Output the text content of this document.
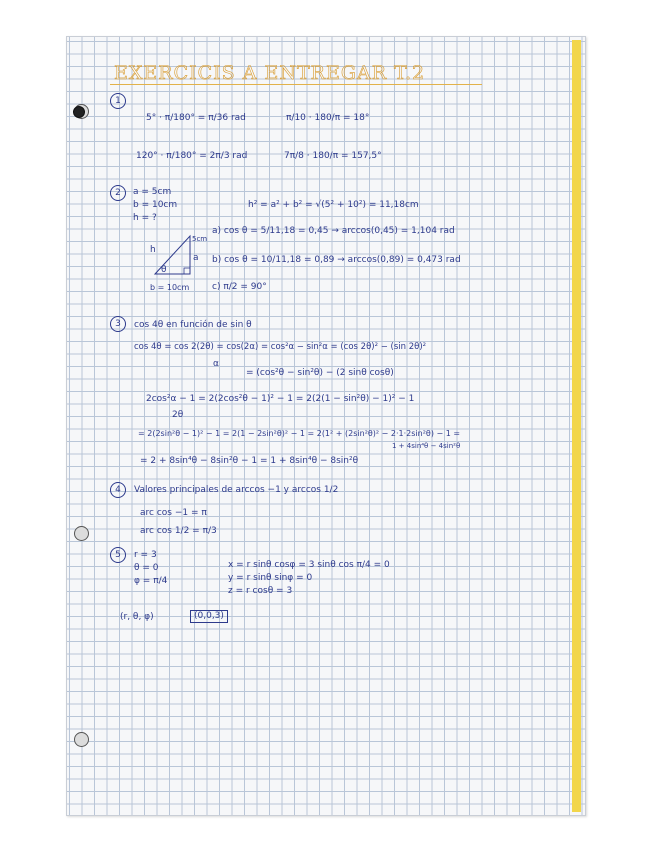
EXERCICIS A ENTREGAR T.2
1
5° · π/180° = π/36 rad	π/10 · 180/π = 18°
120° · π/180° = 2π/3 rad	7π/8 · 180/π = 157,5°
2	a = 5cm
b = 10cm
h = ?
h² = a² + b² = √(5² + 10²) = 11,18cm
h
a
5cm
θ
b = 10cm
a) cos θ = 5/11,18 = 0,45 → arccos(0,45) = 1,104 rad
b) cos θ = 10/11,18 = 0,89 → arccos(0,89) = 0,473 rad
c) π/2 = 90°
3	cos 4θ en función de sin θ
cos 4θ = cos 2(2θ) = cos(2α) = cos²α − sin²α = (cos 2θ)² − (sin 2θ)²
α
= (cos²θ − sin²θ) − (2 sinθ cosθ)
2cos²α − 1 = 2(2cos²θ − 1)² − 1 = 2(2(1 − sin²θ) − 1)² − 1
2θ
= 2(2sin²θ − 1)² − 1 = 2(1 − 2sin²θ)² − 1 = 2(1² + (2sin²θ)² − 2·1·2sin²θ) − 1 =
1 + 4sin⁴θ − 4sin²θ
= 2 + 8sin⁴θ − 8sin²θ − 1 = 1 + 8sin⁴θ − 8sin²θ
4	Valores principales de arccos −1 y arccos 1/2
arc cos −1 = π
arc cos 1/2 = π/3
5	r = 3
θ = 0
φ = π/4
x = r sinθ cosφ = 3 sinθ cos π/4 = 0
y = r sinθ sinφ = 0
z = r cosθ = 3
(r, θ, φ)	(0,0,3)
